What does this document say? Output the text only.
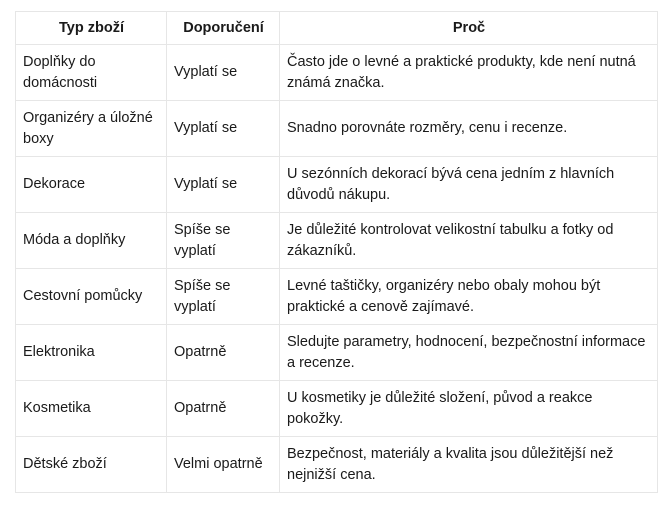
Typ zboží	Doporučení	Proč
Doplňky do domácnosti	Vyplatí se	Často jde o levné a praktické produkty, kde není nutná známá značka.
Organizéry a úložné boxy	Vyplatí se	Snadno porovnáte rozměry, cenu i recenze.
Dekorace	Vyplatí se	U sezónních dekorací bývá cena jedním z hlavních důvodů nákupu.
Móda a doplňky	Spíše se vyplatí	Je důležité kontrolovat velikostní tabulku a fotky od zákazníků.
Cestovní pomůcky	Spíše se vyplatí	Levné taštičky, organizéry nebo obaly mohou být praktické a cenově zajímavé.
Elektronika	Opatrně	Sledujte parametry, hodnocení, bezpečnostní informace a recenze.
Kosmetika	Opatrně	U kosmetiky je důležité složení, původ a reakce pokožky.
Dětské zboží	Velmi opatrně	Bezpečnost, materiály a kvalita jsou důležitější než nejnižší cena.
